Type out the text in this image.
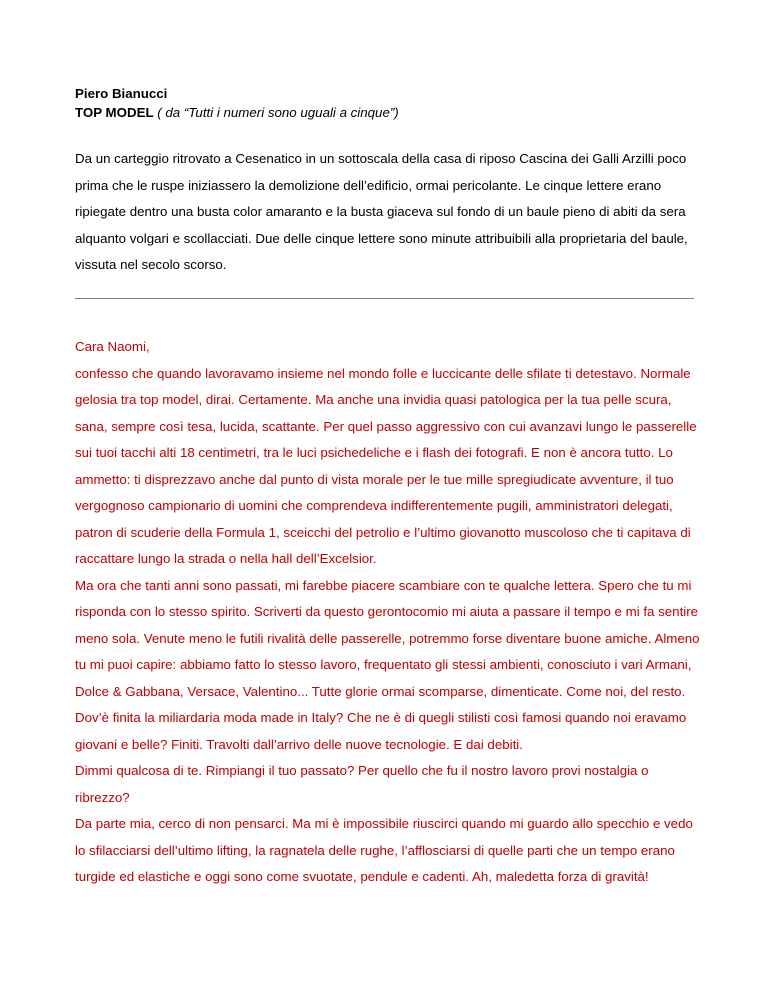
Piero Bianucci
TOP MODEL ( da “Tutti i numeri sono uguali a cinque”)
Da un carteggio ritrovato a Cesenatico in un sottoscala della casa di riposo Cascina dei Galli Arzilli poco prima che le ruspe iniziassero la demolizione dell’edificio, ormai pericolante. Le cinque lettere erano ripiegate dentro una busta color amaranto e la busta giaceva sul fondo di un baule pieno di abiti da sera alquanto volgari e scollacciati. Due delle cinque lettere sono minute attribuibili alla proprietaria del baule, vissuta nel secolo scorso.

Cara Naomi,

confesso che quando lavoravamo insieme nel mondo folle e luccicante delle sfilate ti detestavo. Normale gelosia tra top model, dirai. Certamente. Ma anche una invidia quasi patologica per la tua pelle scura, sana, sempre così tesa, lucida, scattante. Per quel passo aggressivo con cui avanzavi lungo le passerelle sui tuoi tacchi alti 18 centimetri, tra le luci psichedeliche e i flash dei fotografi. E non è ancora tutto. Lo ammetto: ti disprezzavo anche dal punto di vista morale per le tue mille spregiudicate avventure, il tuo vergognoso campionario di uomini che comprendeva indifferentemente pugili, amministratori delegati, patron di scuderie della Formula 1, sceicchi del petrolio e l’ultimo giovanotto muscoloso che ti capitava di raccattare lungo la strada o nella hall dell’Excelsior.

Ma ora che tanti anni sono passati, mi farebbe piacere scambiare con te qualche lettera. Spero che tu mi risponda con lo stesso spirito. Scriverti da questo gerontocomio mi aiuta a passare il tempo e mi fa sentire meno sola. Venute meno le futili rivalità delle passerelle, potremmo forse diventare buone amiche. Almeno tu mi puoi capire: abbiamo fatto lo stesso lavoro, frequentato gli stessi ambienti, conosciuto i vari Armani, Dolce & Gabbana, Versace, Valentino... Tutte glorie ormai scomparse, dimenticate. Come noi, del resto. Dov’è finita la miliardaria moda made in Italy? Che ne è di quegli stilisti così famosi quando noi eravamo giovani e belle? Finiti. Travolti dall’arrivo delle nuove tecnologie. E dai debiti.

Dimmi qualcosa di te. Rimpiangi il tuo passato? Per quello che fu il nostro lavoro provi nostalgia o ribrezzo?

Da parte mia, cerco di non pensarci. Ma mi è impossibile riuscirci quando mi guardo allo specchio e vedo lo sfilacciarsi dell’ultimo lifting, la ragnatela delle rughe, l’afflosciarsi di quelle parti che un tempo erano turgide ed elastiche e oggi sono come svuotate, pendule e cadenti. Ah, maledetta forza di gravità!
